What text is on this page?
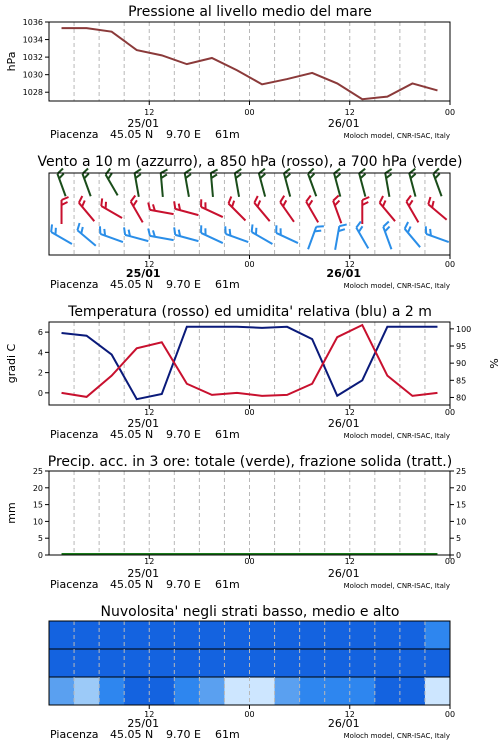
Pressione al livello medio del mare
1028
1030
1032
1034
1036
hPa
12	00	12	00
25/01	26/01
Piacenza 45.05 N 9.70 E 61m	Moloch model, CNR-ISAC, Italy
Vento a 10 m (azzurro), a 850 hPa (rosso), a 700 hPa (verde)
12	00	12	00
25/01	26/01
Piacenza 45.05 N 9.70 E 61m	Moloch model, CNR-ISAC, Italy
Temperatura (rosso) ed umidita' relativa (blu) a 2 m
0
2
4
6
80
85
90
95
100
gradi C	%
12	00	12	00
25/01	26/01
Piacenza 45.05 N 9.70 E 61m	Moloch model, CNR-ISAC, Italy
Precip. acc. in 3 ore: totale (verde), frazione solida (tratt.)
0	0
5	5
10	10
15	15
20	20
25	25
mm
12	00	12	00
25/01	26/01
Piacenza 45.05 N 9.70 E 61m	Moloch model, CNR-ISAC, Italy
Nuvolosita' negli strati basso, medio e alto
12	00	12	00
25/01	26/01
Piacenza 45.05 N 9.70 E 61m	Moloch model, CNR-ISAC, Italy
